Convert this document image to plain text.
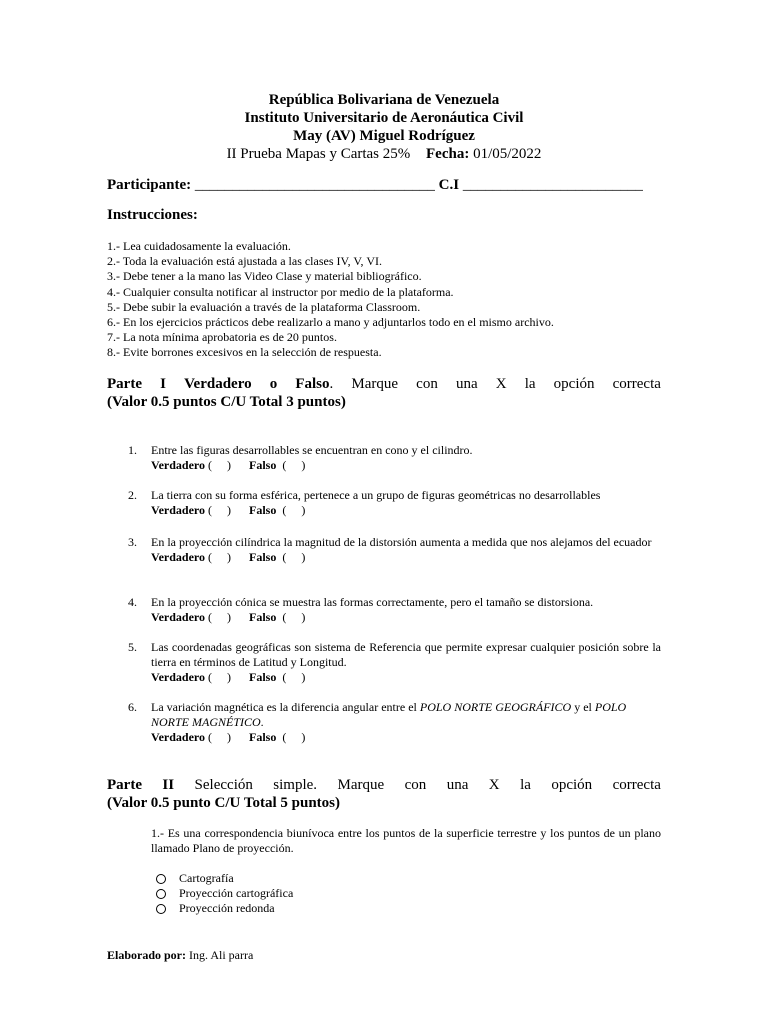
República Bolivariana de Venezuela
Instituto Universitario de Aeronáutica Civil
May (AV) Miguel Rodríguez
II Prueba Mapas y Cartas 25% Fecha: 01/05/2022
Participante: ________________________________ C.I ________________________
Instrucciones:
1.- Lea cuidadosamente la evaluación.
2.- Toda la evaluación está ajustada a las clases IV, V, VI.
3.- Debe tener a la mano las Video Clase y material bibliográfico.
4.- Cualquier consulta notificar al instructor por medio de la plataforma.
5.- Debe subir la evaluación a través de la plataforma Classroom.
6.- En los ejercicios prácticos debe realizarlo a mano y adjuntarlos todo en el mismo archivo.
7.- La nota mínima aprobatoria es de 20 puntos.
8.- Evite borrones excesivos en la selección de respuesta.
Parte I Verdadero o Falso. Marque con una X la opción correcta
(Valor 0.5 puntos C/U Total 3 puntos)
1.	Entre las figuras desarrollables se encuentran en cono y el cilindro.
Verdadero (     )      Falso  (     )
2.	La tierra con su forma esférica, pertenece a un grupo de figuras geométricas no desarrollables
Verdadero (     )      Falso  (     )
3.	En la proyección cilíndrica la magnitud de la distorsión aumenta a medida que nos alejamos del ecuador
Verdadero (     )      Falso  (     )
4.	En la proyección cónica se muestra las formas correctamente, pero el tamaño se distorsiona.
Verdadero (     )      Falso  (     )
5.	Las coordenadas geográficas son sistema de Referencia que permite expresar cualquier posición sobre la tierra en términos de Latitud y Longitud.
Verdadero (     )      Falso  (     )
6.	La variación magnética es la diferencia angular entre el POLO NORTE GEOGRÁFICO y el POLO NORTE MAGNÉTICO.
Verdadero (     )      Falso  (     )
Parte II Selección simple. Marque con una X la opción correcta
(Valor 0.5 punto C/U Total 5 puntos)
1.- Es una correspondencia biunívoca entre los puntos de la superficie terrestre y los puntos de un plano llamado Plano de proyección.
Cartografía
Proyección cartográfica
Proyección redonda
Elaborado por: Ing. Ali parra
